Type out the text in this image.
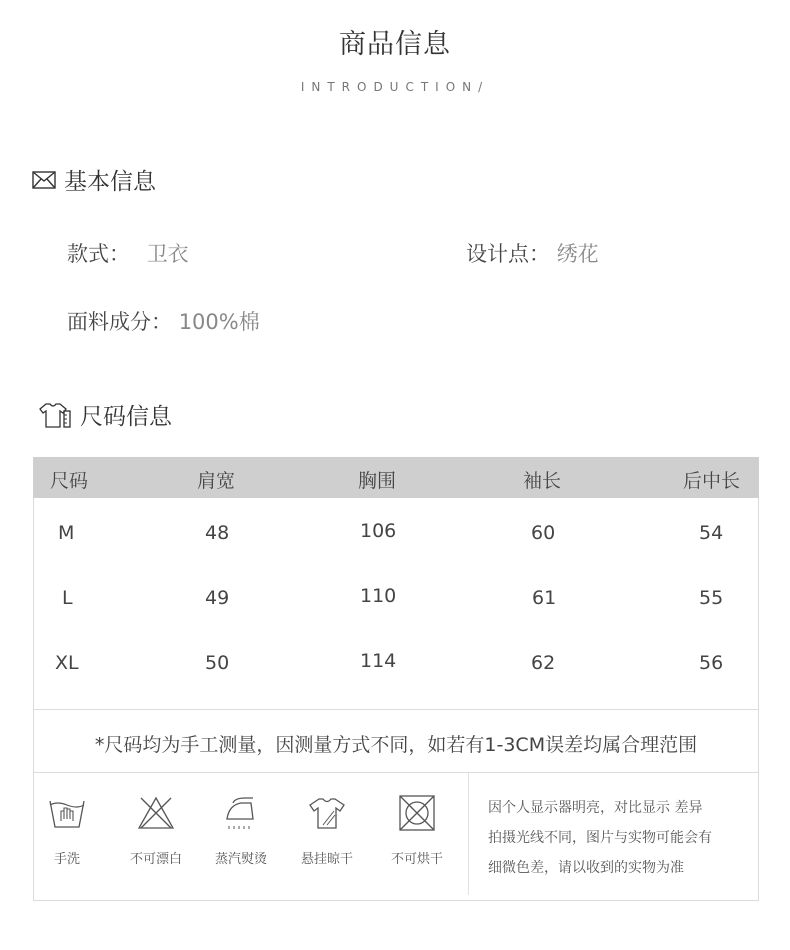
商品信息
INTRODUCTION/
基本信息
款式： 卫衣	设计点： 绣花
面料成分： 100%棉
尺码信息
尺码	肩宽	胸围	袖长	后中长
M	48	106	60	54
L	49	110	61	55
XL	50	114	62	56
*尺码均为手工测量，因测量方式不同，如若有1-3CM误差均属合理范围
手洗	不可漂白	蒸汽熨烫	悬挂晾干	不可烘干
因个人显示器明亮，对比显示 差异
拍摄光线不同，图片与实物可能会有
细微色差，请以收到的实物为准
